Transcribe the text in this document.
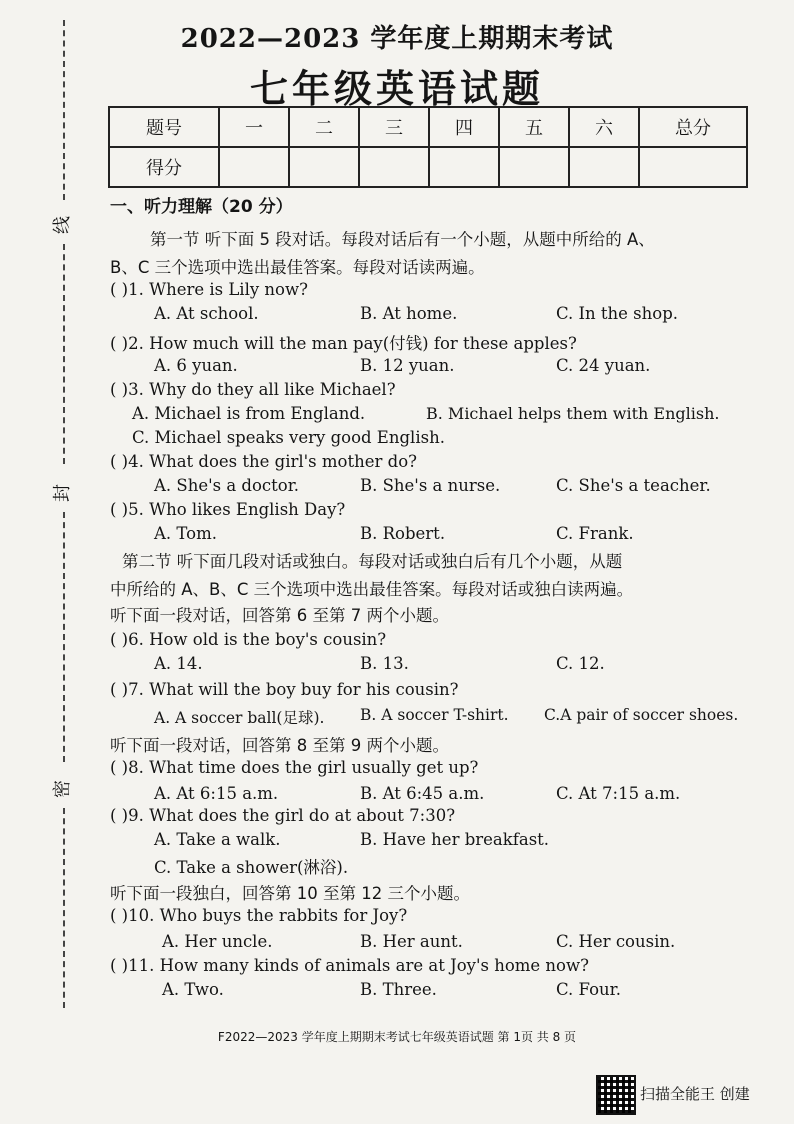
2022—2023 学年度上期期末考试
七年级英语试题
题号	一	二	三	四	五	六	总分
得分							
线
封
密
一、听力理解（20 分）
第一节 听下面 5 段对话。每段对话后有一个小题，从题中所给的 A、
B、C 三个选项中选出最佳答案。每段对话读两遍。
( )1. Where is Lily now?
A. At school.	B. At home.	C. In the shop.
( )2. How much will the man pay(付钱) for these apples?
A. 6 yuan.	B. 12 yuan.	C. 24 yuan.
( )3. Why do they all like Michael?
A. Michael is from England.	B. Michael helps them with English.
C. Michael speaks very good English.
( )4. What does the girl's mother do?
A. She's a doctor.	B. She's a nurse.	C. She's a teacher.
( )5. Who likes English Day?
A. Tom.	B. Robert.	C. Frank.
第二节 听下面几段对话或独白。每段对话或独白后有几个小题，从题
中所给的 A、B、C 三个选项中选出最佳答案。每段对话或独白读两遍。
听下面一段对话，回答第 6 至第 7 两个小题。
( )6. How old is the boy's cousin?
A. 14.	B. 13.	C. 12.
( )7. What will the boy buy for his cousin?
A. A soccer ball(足球). B. A soccer T-shirt. C.A pair of soccer shoes.
听下面一段对话，回答第 8 至第 9 两个小题。
( )8. What time does the girl usually get up?
A. At 6:15 a.m.	B. At 6:45 a.m.	C. At 7:15 a.m.
( )9. What does the girl do at about 7:30?
A. Take a walk.	B. Have her breakfast.
C. Take a shower(淋浴).
听下面一段独白，回答第 10 至第 12 三个小题。
( )10. Who buys the rabbits for Joy?
A. Her uncle.	B. Her aunt.	C. Her cousin.
( )11. How many kinds of animals are at Joy's home now?
A. Two.	B. Three.	C. Four.
F2022—2023 学年度上期期末考试七年级英语试题 第 1页 共 8 页
扫描全能王 创建
